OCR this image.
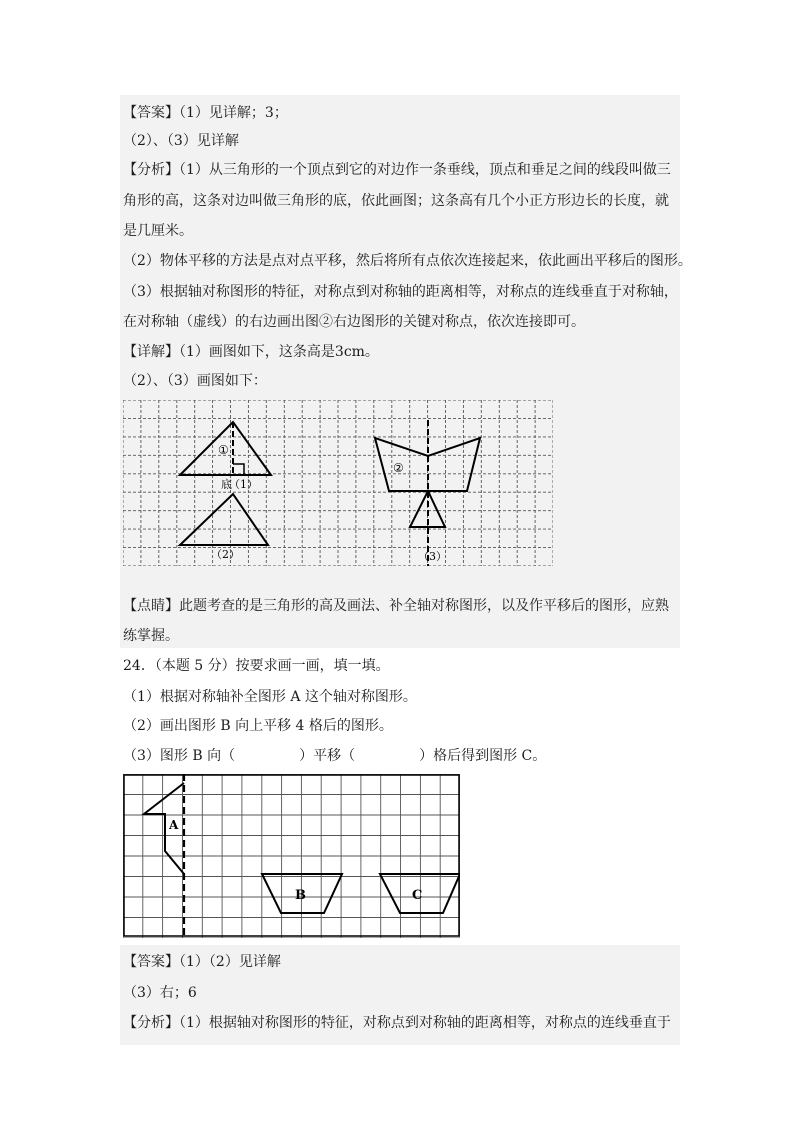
【答案】（1）见详解；3；
（2）、（3）见详解
【分析】（1）从三角形的一个顶点到它的对边作一条垂线，顶点和垂足之间的线段叫做三
角形的高，这条对边叫做三角形的底，依此画图；这条高有几个小正方形边长的长度，就
是几厘米。
（2）物体平移的方法是点对点平移，然后将所有点依次连接起来，依此画出平移后的图形。
（3）根据轴对称图形的特征，对称点到对称轴的距离相等，对称点的连线垂直于对称轴，
在对称轴（虚线）的右边画出图②右边图形的关键对称点，依次连接即可。
【详解】（1）画图如下，这条高是3cm。
（2）、（3）画图如下：
①
底
（1）
（2）
②
（3）
【点睛】此题考查的是三角形的高及画法、补全轴对称图形，以及作平移后的图形，应熟
练掌握。
24．（本题 5 分）按要求画一画，填一填。
（1）根据对称轴补全图形 A 这个轴对称图形。
（2）画出图形 B 向上平移 4 格后的图形。
（3）图形 B 向（	）平移（	）格后得到图形 C。
A
B	C
【答案】（1）（2）见详解
（3）右；6
【分析】（1）根据轴对称图形的特征，对称点到对称轴的距离相等，对称点的连线垂直于
